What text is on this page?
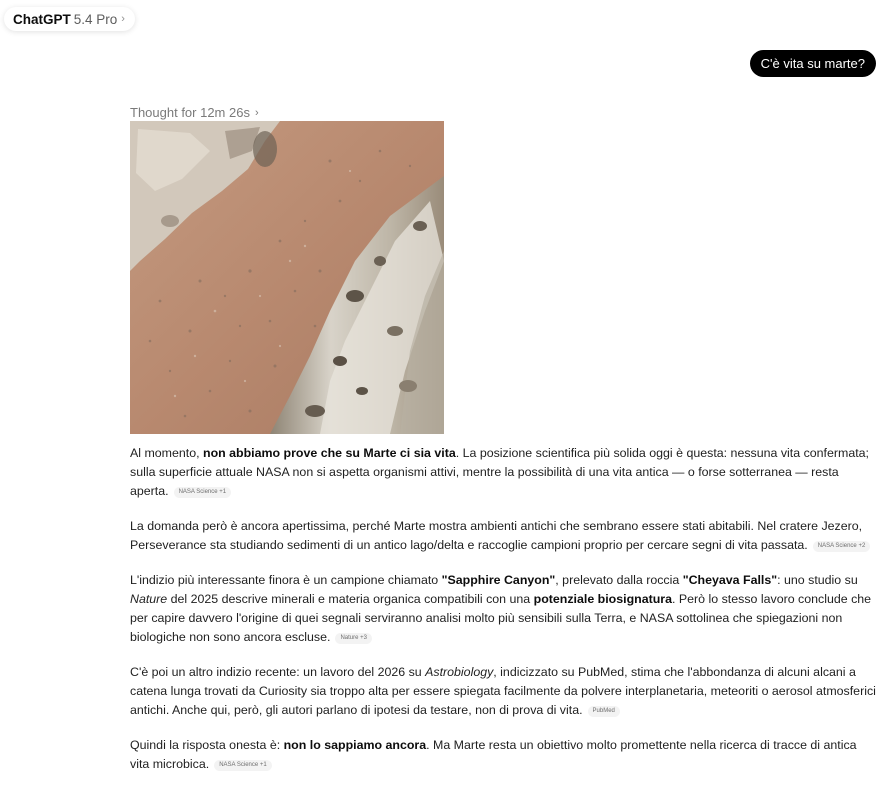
ChatGPT 5.4 Pro ›
C'è vita su marte?
Thought for 12m 26s ›

Al momento, non abbiamo prove che su Marte ci sia vita. La posizione scientifica più solida oggi è questa: nessuna vita confermata; sulla superficie attuale NASA non si aspetta organismi attivi, mentre la possibilità di una vita antica — o forse sotterranea — resta aperta. NASA Science +1

La domanda però è ancora apertissima, perché Marte mostra ambienti antichi che sembrano essere stati abitabili. Nel cratere Jezero, Perseverance sta studiando sedimenti di un antico lago/delta e raccoglie campioni proprio per cercare segni di vita passata. NASA Science +2

L'indizio più interessante finora è un campione chiamato "Sapphire Canyon", prelevato dalla roccia "Cheyava Falls": uno studio su Nature del 2025 descrive minerali e materia organica compatibili con una potenziale biosignatura. Però lo stesso lavoro conclude che per capire davvero l'origine di quei segnali serviranno analisi molto più sensibili sulla Terra, e NASA sottolinea che spiegazioni non biologiche non sono ancora escluse. Nature +3

C'è poi un altro indizio recente: un lavoro del 2026 su Astrobiology, indicizzato su PubMed, stima che l'abbondanza di alcuni alcani a catena lunga trovati da Curiosity sia troppo alta per essere spiegata facilmente da polvere interplanetaria, meteoriti o aerosol atmosferici antichi. Anche qui, però, gli autori parlano di ipotesi da testare, non di prova di vita. PubMed

Quindi la risposta onesta è: non lo sappiamo ancora. Ma Marte resta un obiettivo molto promettente nella ricerca di tracce di antica vita microbica. NASA Science +1
